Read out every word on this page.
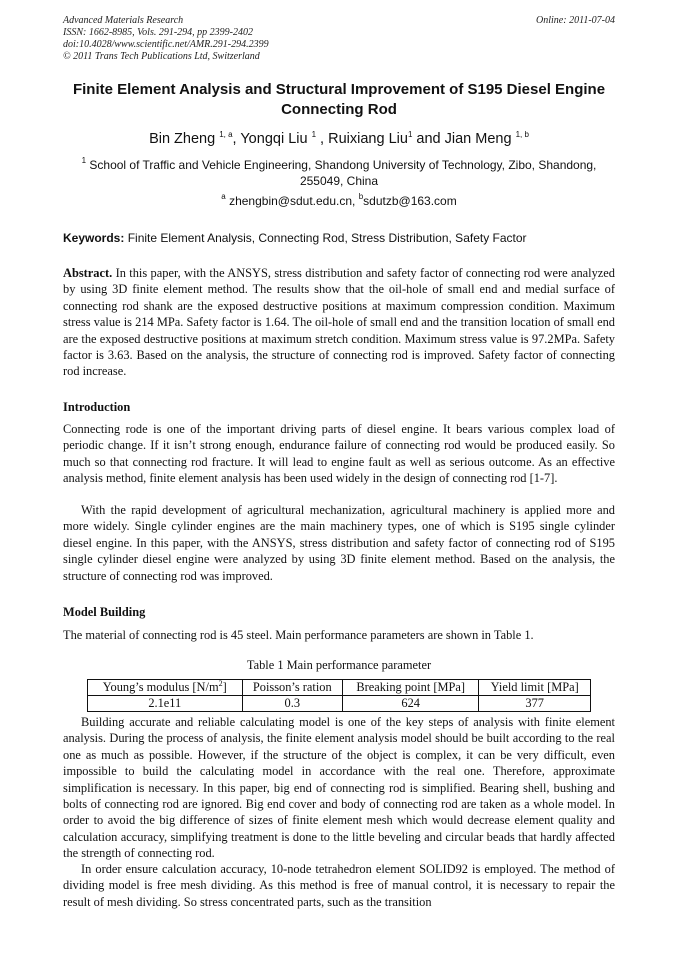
Advanced Materials Research
ISSN: 1662-8985, Vols. 291-294, pp 2399-2402
doi:10.4028/www.scientific.net/AMR.291-294.2399
© 2011 Trans Tech Publications Ltd, Switzerland
Online: 2011-07-04
Finite Element Analysis and Structural Improvement of S195 Diesel Engine Connecting Rod
Bin Zheng $^{1, a}$, Yongqi Liu $^1$ , Ruixiang Liu$^1$ and Jian Meng $^{1, b}$
$^1$ School of Traffic and Vehicle Engineering, Shandong University of Technology, Zibo, Shandong, 255049, China
$^a$ zhengbin@sdut.edu.cn, $^b$sdutzb@163.com
Keywords: Finite Element Analysis, Connecting Rod, Stress Distribution, Safety Factor
Abstract. In this paper, with the ANSYS, stress distribution and safety factor of connecting rod were analyzed by using 3D finite element method. The results show that the oil-hole of small end and medial surface of connecting rod shank are the exposed destructive positions at maximum compression condition. Maximum stress value is 214 MPa. Safety factor is 1.64. The oil-hole of small end and the transition location of small end are the exposed destructive positions at maximum stretch condition. Maximum stress value is 97.2MPa. Safety factor is 3.63. Based on the analysis, the structure of connecting rod is improved. Safety factor of connecting rod increase.
Introduction
Connecting rode is one of the important driving parts of diesel engine. It bears various complex load of periodic change. If it isn’t strong enough, endurance failure of connecting rod would be produced easily. So much so that connecting rod fracture. It will lead to engine fault as well as serious outcome. As an effective analysis method, finite element analysis has been used widely in the design of connecting rod [1-7].
With the rapid development of agricultural mechanization, agricultural machinery is applied more and more widely. Single cylinder engines are the main machinery types, one of which is S195 single cylinder diesel engine. In this paper, with the ANSYS, stress distribution and safety factor of connecting rod of S195 single cylinder diesel engine were analyzed by using 3D finite element method. Based on the analysis, the structure of connecting rod was improved.
Model Building
The material of connecting rod is 45 steel. Main performance parameters are shown in Table 1.
Table 1 Main performance parameter
Young’s modulus $[N/m^2]$	Poisson’s ration	Breaking point [MPa]	Yield limit [MPa]
2.1e11	0.3	624	377
Building accurate and reliable calculating model is one of the key steps of analysis with finite element analysis. During the process of analysis, the finite element analysis model should be built according to the real one as much as possible. However, if the structure of the object is complex, it can be very difficult, even impossible to build the calculating model in accordance with the real one. Therefore, approximate simplification is necessary. In this paper, big end of connecting rod is simplified. Bearing shell, bushing and bolts of connecting rod are ignored. Big end cover and body of connecting rod are taken as a whole model. In order to avoid the big difference of sizes of finite element mesh which would decrease element quality and calculation accuracy, simplifying treatment is done to the little beveling and circular beads that hardly affected the strength of connecting rod.
In order ensure calculation accuracy, 10-node tetrahedron element SOLID92 is employed. The method of dividing model is free mesh dividing. As this method is free of manual control, it is necessary to repair the result of mesh dividing. So stress concentrated parts, such as the transition
